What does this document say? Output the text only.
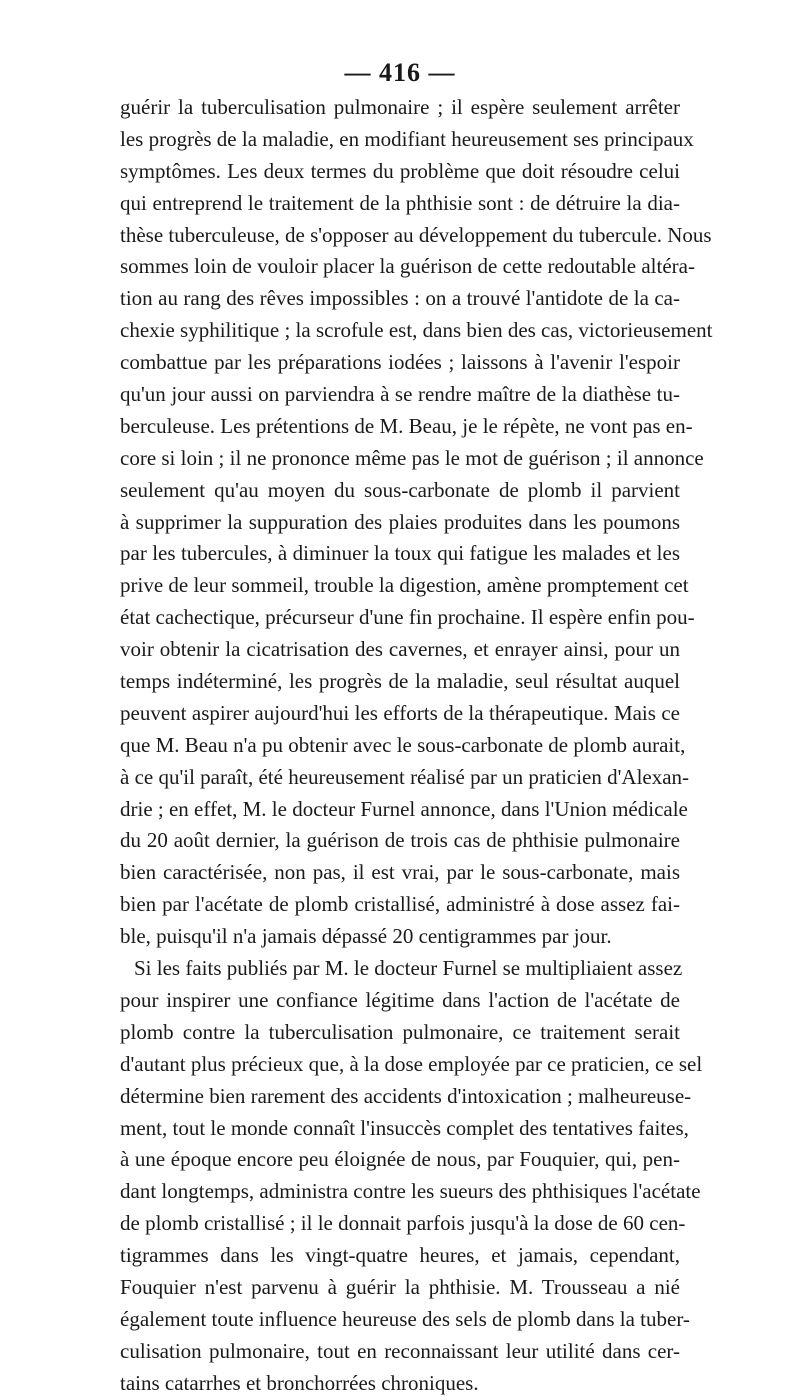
— 416 —
guérir la tuberculisation pulmonaire ; il espère seulement arrêter
les progrès de la maladie, en modifiant heureusement ses principaux
symptômes. Les deux termes du problème que doit résoudre celui
qui entreprend le traitement de la phthisie sont : de détruire la dia-
thèse tuberculeuse, de s'opposer au développement du tubercule. Nous
sommes loin de vouloir placer la guérison de cette redoutable altéra-
tion au rang des rêves impossibles : on a trouvé l'antidote de la ca-
chexie syphilitique ; la scrofule est, dans bien des cas, victorieusement
combattue par les préparations iodées ; laissons à l'avenir l'espoir
qu'un jour aussi on parviendra à se rendre maître de la diathèse tu-
berculeuse. Les prétentions de M. Beau, je le répète, ne vont pas en-
core si loin ; il ne prononce même pas le mot de guérison ; il annonce
seulement qu'au moyen du sous-carbonate de plomb il parvient
à supprimer la suppuration des plaies produites dans les poumons
par les tubercules, à diminuer la toux qui fatigue les malades et les
prive de leur sommeil, trouble la digestion, amène promptement cet
état cachectique, précurseur d'une fin prochaine. Il espère enfin pou-
voir obtenir la cicatrisation des cavernes, et enrayer ainsi, pour un
temps indéterminé, les progrès de la maladie, seul résultat auquel
peuvent aspirer aujourd'hui les efforts de la thérapeutique. Mais ce
que M. Beau n'a pu obtenir avec le sous-carbonate de plomb aurait,
à ce qu'il paraît, été heureusement réalisé par un praticien d'Alexan-
drie ; en effet, M. le docteur Furnel annonce, dans l'Union médicale
du 20 août dernier, la guérison de trois cas de phthisie pulmonaire
bien caractérisée, non pas, il est vrai, par le sous-carbonate, mais
bien par l'acétate de plomb cristallisé, administré à dose assez fai-
ble, puisqu'il n'a jamais dépassé 20 centigrammes par jour.
Si les faits publiés par M. le docteur Furnel se multipliaient assez
pour inspirer une confiance légitime dans l'action de l'acétate de
plomb contre la tuberculisation pulmonaire, ce traitement serait
d'autant plus précieux que, à la dose employée par ce praticien, ce sel
détermine bien rarement des accidents d'intoxication ; malheureuse-
ment, tout le monde connaît l'insuccès complet des tentatives faites,
à une époque encore peu éloignée de nous, par Fouquier, qui, pen-
dant longtemps, administra contre les sueurs des phthisiques l'acétate
de plomb cristallisé ; il le donnait parfois jusqu'à la dose de 60 cen-
tigrammes dans les vingt-quatre heures, et jamais, cependant,
Fouquier n'est parvenu à guérir la phthisie. M. Trousseau a nié
également toute influence heureuse des sels de plomb dans la tuber-
culisation pulmonaire, tout en reconnaissant leur utilité dans cer-
tains catarrhes et bronchorrées chroniques.
